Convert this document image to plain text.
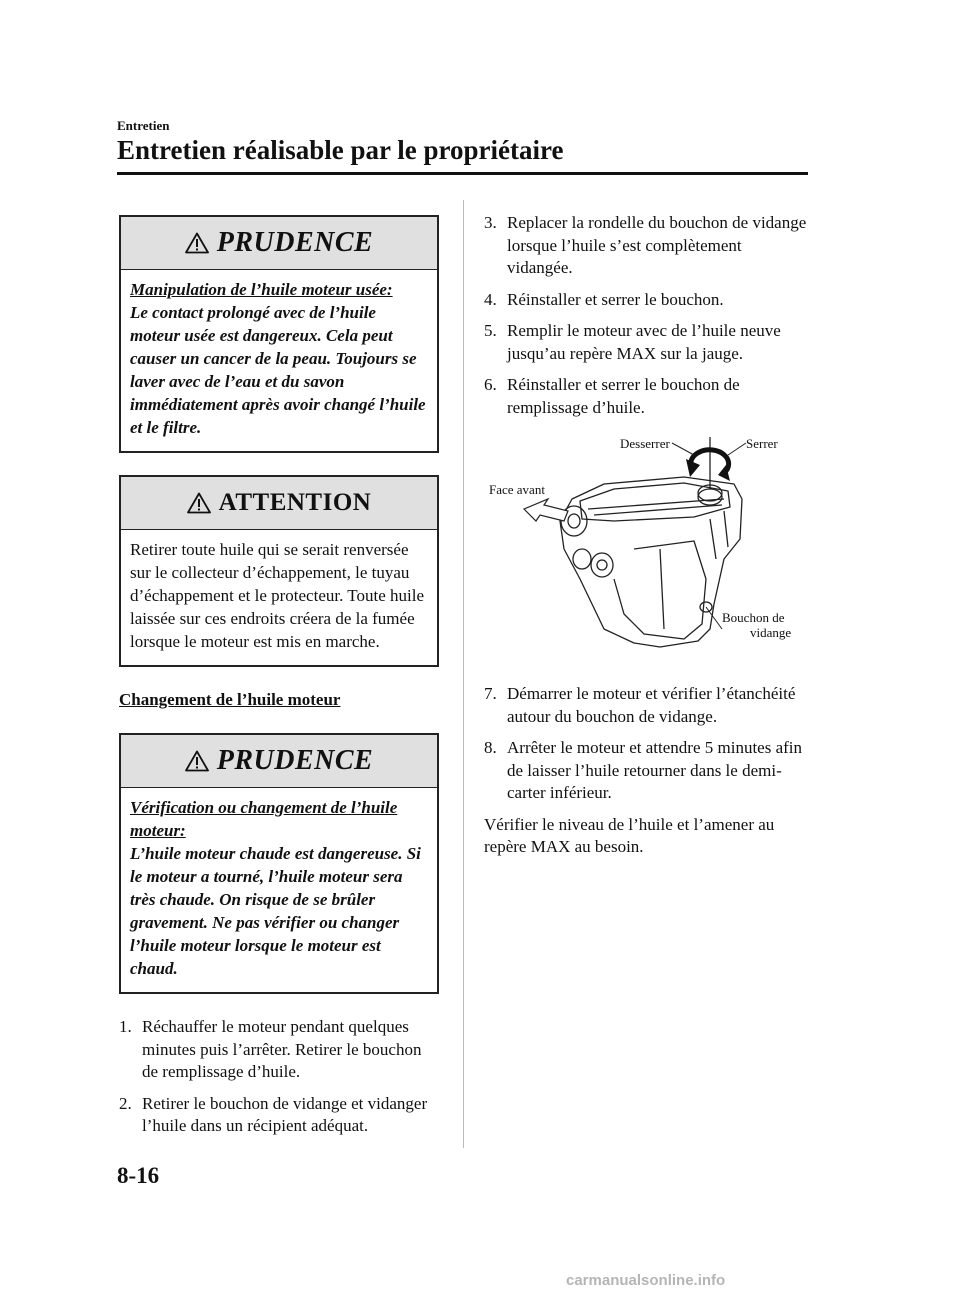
Entretien
Entretien réalisable par le propriétaire
PRUDENCE
Manipulation de l’huile moteur usée:
Le contact prolongé avec de l’huile moteur usée est dangereux. Cela peut causer un cancer de la peau. Toujours se laver avec de l’eau et du savon immédiatement après avoir changé l’huile et le filtre.
ATTENTION
Retirer toute huile qui se serait renversée sur le collecteur d’échappement, le tuyau d’échappement et le protecteur. Toute huile laissée sur ces endroits créera de la fumée lorsque le moteur est mis en marche.
Changement de l’huile moteur
PRUDENCE
Vérification ou changement de l’huile moteur:
L’huile moteur chaude est dangereuse. Si le moteur a tourné, l’huile moteur sera très chaude. On risque de se brûler gravement. Ne pas vérifier ou changer l’huile moteur lorsque le moteur est chaud.
1. Réchauffer le moteur pendant quelques minutes puis l’arrêter. Retirer le bouchon de remplissage d’huile.
2. Retirer le bouchon de vidange et vidanger l’huile dans un récipient adéquat.
3. Replacer la rondelle du bouchon de vidange lorsque l’huile s’est complètement vidangée.
4. Réinstaller et serrer le bouchon.
5. Remplir le moteur avec de l’huile neuve jusqu’au repère MAX sur la jauge.
6. Réinstaller et serrer le bouchon de remplissage d’huile.
Desserrer	Serrer
Face avant
Bouchon de
vidange
7. Démarrer le moteur et vérifier l’étanchéité autour du bouchon de vidange.
8. Arrêter le moteur et attendre 5 minutes afin de laisser l’huile retourner dans le demi-carter inférieur.
Vérifier le niveau de l’huile et l’amener au repère MAX au besoin.
8-16
carmanualsonline.info
